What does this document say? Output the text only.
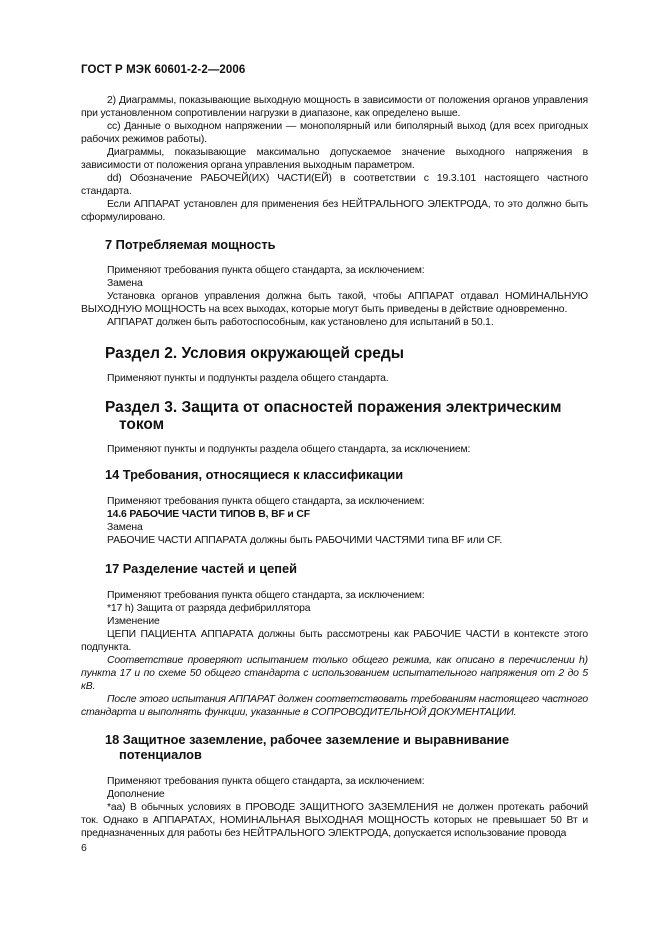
ГОСТ Р МЭК 60601-2-2—2006
2) Диаграммы, показывающие выходную мощность в зависимости от положения органов управления при установленном сопротивлении нагрузки в диапазоне, как определено выше.
cc) Данные о выходном напряжении — монополярный или биполярный выход (для всех пригодных рабочих режимов работы).
Диаграммы, показывающие максимально допускаемое значение выходного напряжения в зависимости от положения органа управления выходным параметром.
dd) Обозначение РАБОЧЕЙ(ИХ) ЧАСТИ(ЕЙ) в соответствии с 19.3.101 настоящего частного стандарта.
Если АППАРАТ установлен для применения без НЕЙТРАЛЬНОГО ЭЛЕКТРОДА, то это должно быть сформулировано.
7 Потребляемая мощность
Применяют требования пункта общего стандарта, за исключением:
Замена
Установка органов управления должна быть такой, чтобы АППАРАТ отдавал НОМИНАЛЬНУЮ ВЫХОДНУЮ МОЩНОСТЬ на всех выходах, которые могут быть приведены в действие одновременно.
АППАРАТ должен быть работоспособным, как установлено для испытаний в 50.1.
Раздел 2. Условия окружающей среды
Применяют пункты и подпункты раздела общего стандарта.
Раздел 3. Защита от опасностей поражения электрическим
током
Применяют пункты и подпункты раздела общего стандарта, за исключением:
14 Требования, относящиеся к классификации
Применяют требования пункта общего стандарта, за исключением:
14.6 РАБОЧИЕ ЧАСТИ ТИПОВ B, BF и CF
Замена
РАБОЧИЕ ЧАСТИ АППАРАТА должны быть РАБОЧИМИ ЧАСТЯМИ типа BF или CF.
17 Разделение частей и цепей
Применяют требования пункта общего стандарта, за исключением:
*17 h) Защита от разряда дефибриллятора
Изменение
ЦЕПИ ПАЦИЕНТА АППАРАТА должны быть рассмотрены как РАБОЧИЕ ЧАСТИ в контексте этого подпункта.
Соответствие проверяют испытанием только общего режима, как описано в перечислении h) пункта 17 и по схеме 50 общего стандарта с использованием испытательного напряжения от 2 до 5 кВ.
После этого испытания АППАРАТ должен соответствовать требованиям настоящего частного стандарта и выполнять функции, указанные в СОПРОВОДИТЕЛЬНОЙ ДОКУМЕНТАЦИИ.
18 Защитное заземление, рабочее заземление и выравнивание
потенциалов
Применяют требования пункта общего стандарта, за исключением:
Дополнение
*аа) В обычных условиях в ПРОВОДЕ ЗАЩИТНОГО ЗАЗЕМЛЕНИЯ не должен протекать рабочий ток. Однако в АППАРАТАХ, НОМИНАЛЬНАЯ ВЫХОДНАЯ МОЩНОСТЬ которых не превышает 50 Вт и предназначенных для работы без НЕЙТРАЛЬНОГО ЭЛЕКТРОДА, допускается использование провода
6
